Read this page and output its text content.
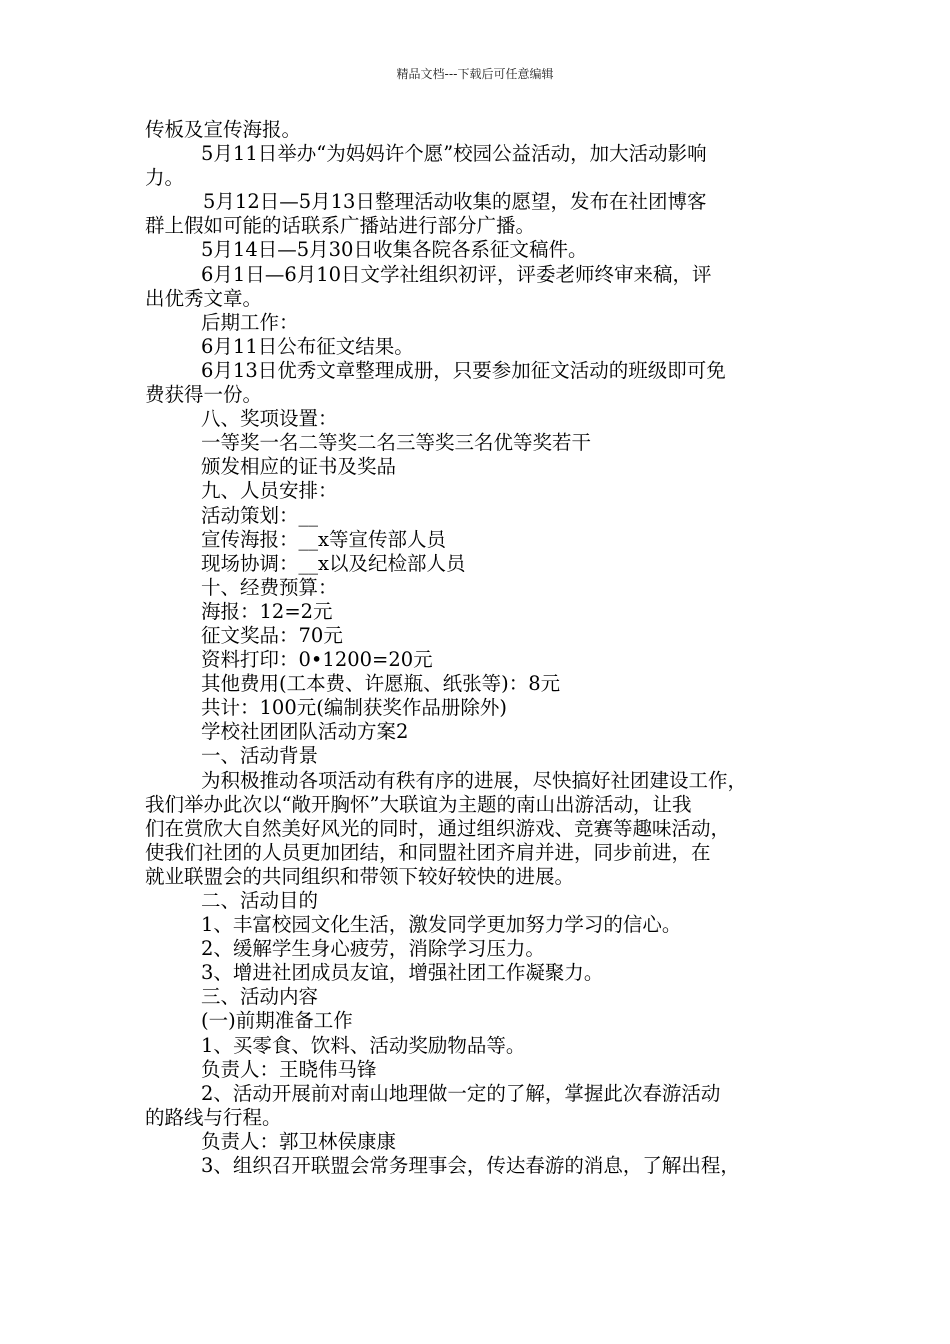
精品文档---下载后可任意编辑

传板及宣传海报。

5月11日举办“为妈妈许个愿”校园公益活动，加大活动影响

力。

5月12日—5月13日整理活动收集的愿望，发布在社团博客

群上假如可能的话联系广播站进行部分广播。

5月14日—5月30日收集各院各系征文稿件。

6月1日—6月10日文学社组织初评，评委老师终审来稿，评

出优秀文章。

后期工作：

6月11日公布征文结果。

6月13日优秀文章整理成册，只要参加征文活动的班级即可免

费获得一份。

八、奖项设置：

一等奖一名二等奖二名三等奖三名优等奖若干

颁发相应的证书及奖品

九、人员安排：

活动策划：__

宣传海报：__x等宣传部人员

现场协调：__x以及纪检部人员

十、经费预算：

海报：12=2元

征文奖品：70元

资料打印：0•1200=20元

其他费用(工本费、许愿瓶、纸张等)：8元

共计：100元(编制获奖作品册除外)

学校社团团队活动方案2

一、活动背景

为积极推动各项活动有秩有序的进展，尽快搞好社团建设工作，

我们举办此次以“敞开胸怀”大联谊为主题的南山出游活动，让我

们在赏欣大自然美好风光的同时，通过组织游戏、竞赛等趣味活动，

使我们社团的人员更加团结，和同盟社团齐肩并进，同步前进，在

就业联盟会的共同组织和带领下较好较快的进展。

二、活动目的

1、丰富校园文化生活，激发同学更加努力学习的信心。

2、缓解学生身心疲劳，消除学习压力。

3、增进社团成员友谊，增强社团工作凝聚力。

三、活动内容

(一)前期准备工作

1、买零食、饮料、活动奖励物品等。

负责人：王晓伟马锋

2、活动开展前对南山地理做一定的了解，掌握此次春游活动

的路线与行程。

负责人：郭卫林侯康康

3、组织召开联盟会常务理事会，传达春游的消息，了解出程，
